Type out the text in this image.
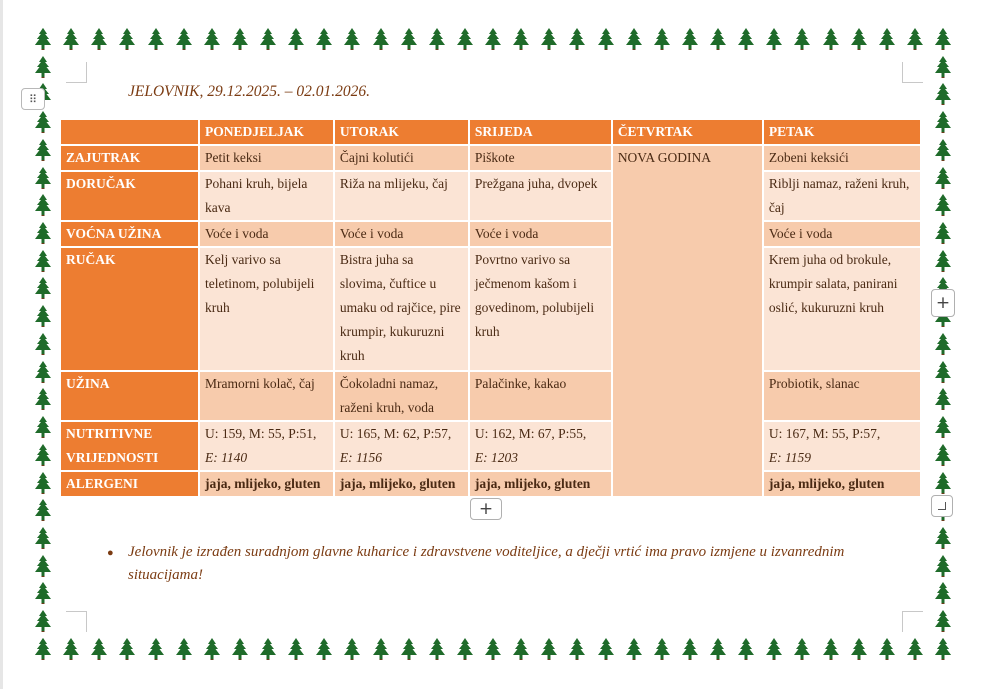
⠿	JELOVNIK, 29.12.2025. – 02.01.2026.
	PONEDJELJAK	UTORAK	SRIJEDA	ČETVRTAK	PETAK
ZAJUTRAK	Petit keksi	Čajni kolutići	Piškote	NOVA GODINA	Zobeni keksići
DORUČAK	Pohani kruh, bijela kava	Riža na mlijeku, čaj	Prežgana juha, dvopek		Riblji namaz, raženi kruh, čaj
VOĆNA UŽINA	Voće i voda	Voće i voda	Voće i voda		Voće i voda
RUČAK	Kelj varivo sa teletinom, polubijeli kruh	Bistra juha sa slovima, čuftice u umaku od rajčice, pire krumpir, kukuruzni kruh	Povrtno varivo sa ječmenom kašom i govedinom, polubijeli kruh		Krem juha od brokule, krumpir salata, panirani oslić, kukuruzni kruh
UŽINA	Mramorni kolač, čaj	Čokoladni namaz, raženi kruh, voda	Palačinke, kakao		Probiotik, slanac
NUTRITIVNE VRIJEDNOSTI	U: 159, M: 55, P:51,
E: 1140	U: 165, M: 62, P:57,
E: 1156	U: 162, M: 67, P:55,
E: 1203		U: 167, M: 55, P:57,
E: 1159
ALERGENI	jaja, mlijeko, gluten	jaja, mlijeko, gluten	jaja, mlijeko, gluten		jaja, mlijeko, gluten
+
+
● Jelovnik je izrađen suradnjom glavne kuharice i zdravstvene voditeljice, a dječji vrtić ima pravo izmjene u izvanrednim situacijama!
